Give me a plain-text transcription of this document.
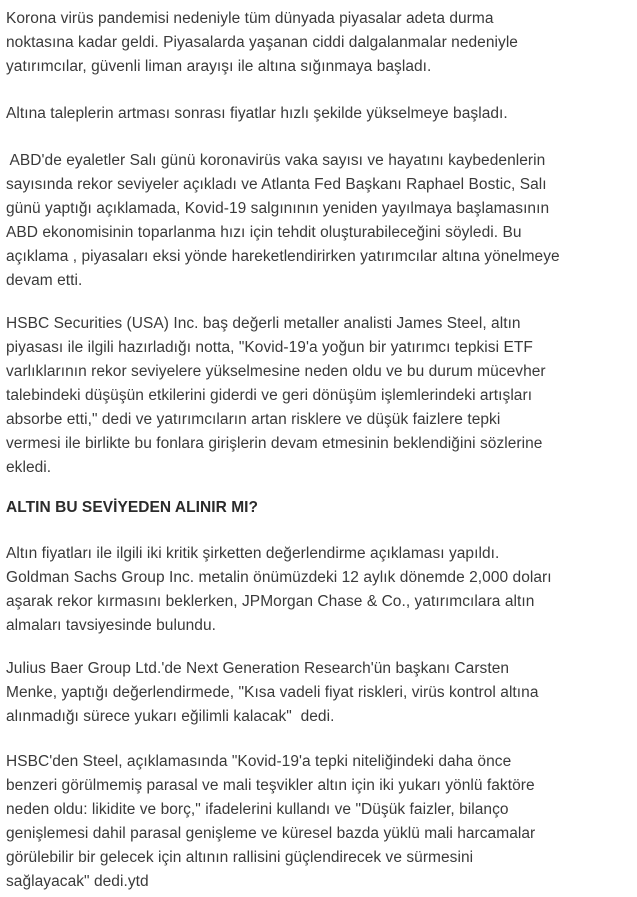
Korona virüs pandemisi nedeniyle tüm dünyada piyasalar adeta durma
noktasına kadar geldi. Piyasalarda yaşanan ciddi dalgalanmalar nedeniyle
yatırımcılar, güvenli liman arayışı ile altına sığınmaya başladı.

Altına taleplerin artması sonrası fiyatlar hızlı şekilde yükselmeye başladı.

ABD'de eyaletler Salı günü koronavirüs vaka sayısı ve hayatını kaybedenlerin
sayısında rekor seviyeler açıkladı ve Atlanta Fed Başkanı Raphael Bostic, Salı
günü yaptığı açıklamada, Kovid-19 salgınının yeniden yayılmaya başlamasının
ABD ekonomisinin toparlanma hızı için tehdit oluşturabileceğini söyledi. Bu
açıklama , piyasaları eksi yönde hareketlendirirken yatırımcılar altına yönelmeye
devam etti.

HSBC Securities (USA) Inc. baş değerli metaller analisti James Steel, altın
piyasası ile ilgili hazırladığı notta, "Kovid-19'a yoğun bir yatırımcı tepkisi ETF
varlıklarının rekor seviyelere yükselmesine neden oldu ve bu durum mücevher
talebindeki düşüşün etkilerini giderdi ve geri dönüşüm işlemlerindeki artışları
absorbe etti," dedi ve yatırımcıların artan risklere ve düşük faizlere tepki
vermesi ile birlikte bu fonlara girişlerin devam etmesinin beklendiğini sözlerine
ekledi.

ALTIN BU SEVİYEDEN ALINIR MI?

Altın fiyatları ile ilgili iki kritik şirketten değerlendirme açıklaması yapıldı.
Goldman Sachs Group Inc. metalin önümüzdeki 12 aylık dönemde 2,000 doları
aşarak rekor kırmasını beklerken, JPMorgan Chase & Co., yatırımcılara altın
almaları tavsiyesinde bulundu.

Julius Baer Group Ltd.'de Next Generation Research'ün başkanı Carsten
Menke, yaptığı değerlendirmede, "Kısa vadeli fiyat riskleri, virüs kontrol altına
alınmadığı sürece yukarı eğilimli kalacak"  dedi.

HSBC'den Steel, açıklamasında "Kovid-19'a tepki niteliğindeki daha önce
benzeri görülmemiş parasal ve mali teşvikler altın için iki yukarı yönlü faktöre
neden oldu: likidite ve borç," ifadelerini kullandı ve "Düşük faizler, bilanço
genişlemesi dahil parasal genişleme ve küresel bazda yüklü mali harcamalar
görülebilir bir gelecek için altının rallisini güçlendirecek ve sürmesini
sağlayacak" dedi.ytd
